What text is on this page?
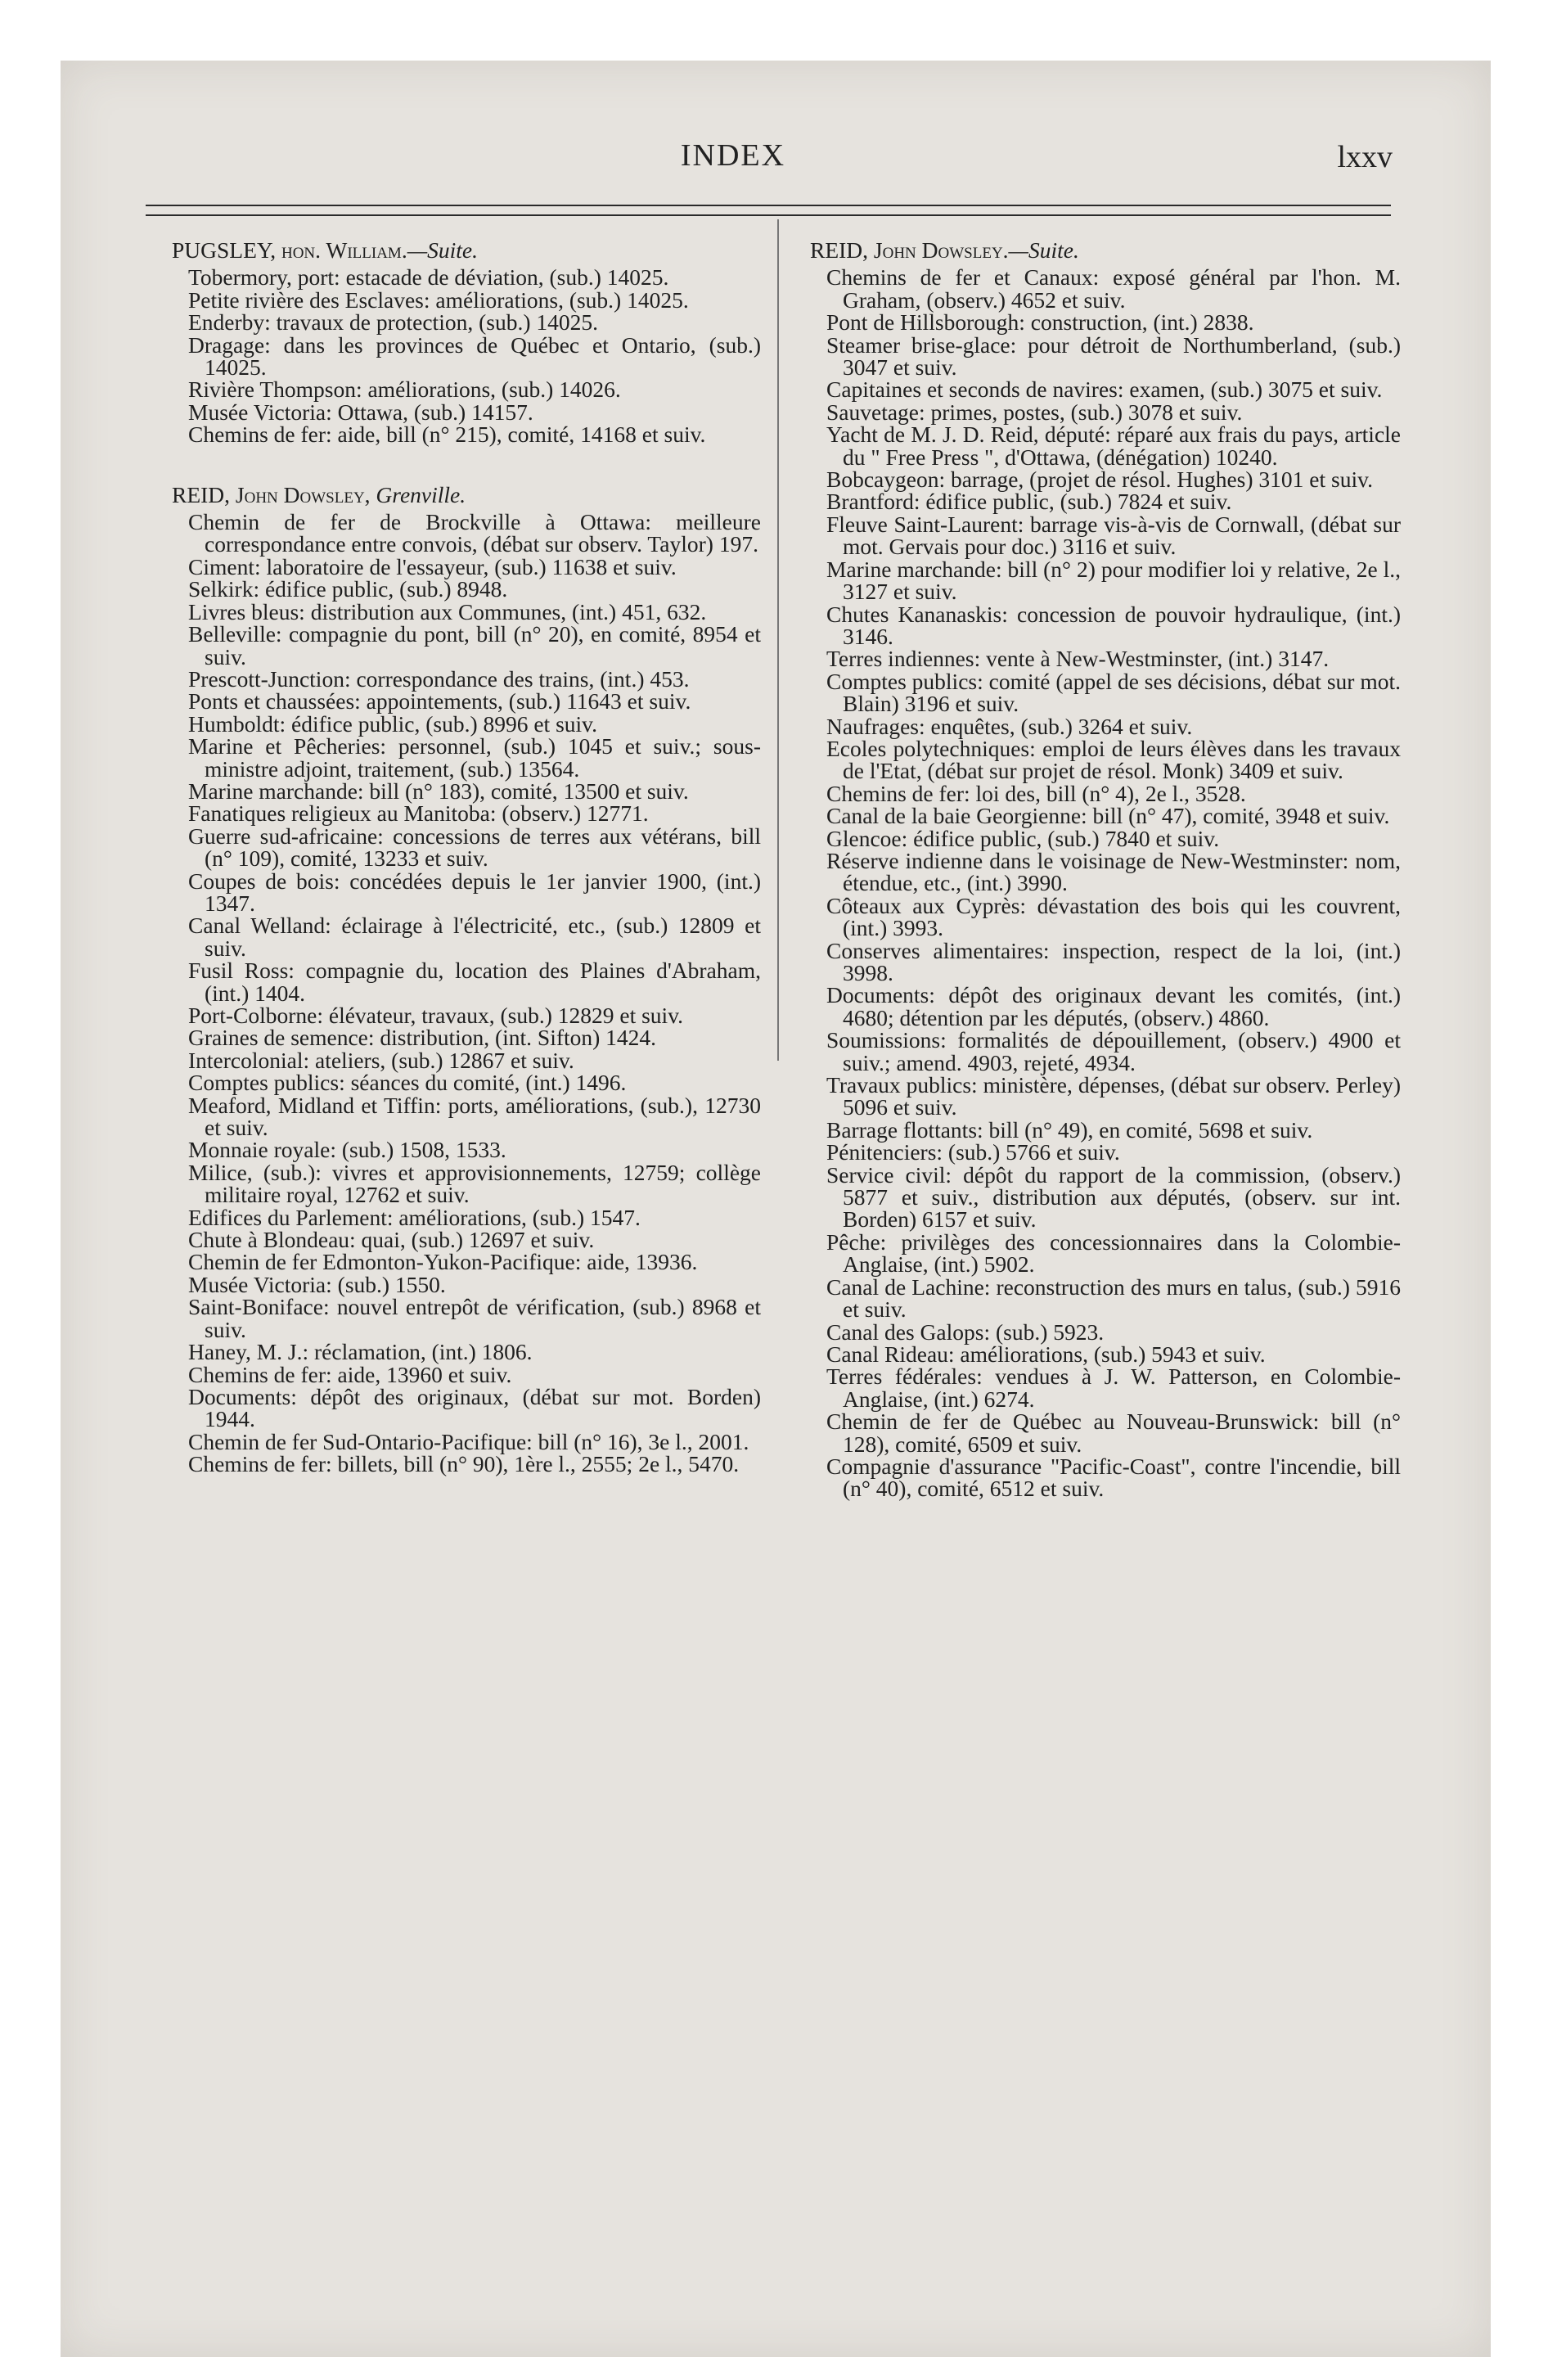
INDEX	lxxv
PUGSLEY, hon. William.—Suite.

Tobermory, port: estacade de déviation, (sub.) 14025.

Petite rivière des Esclaves: améliorations, (sub.) 14025.

Enderby: travaux de protection, (sub.) 14025.

Dragage: dans les provinces de Québec et Ontario, (sub.) 14025.

Rivière Thompson: améliorations, (sub.) 14026.

Musée Victoria: Ottawa, (sub.) 14157.

Chemins de fer: aide, bill (n° 215), comité, 14168 et suiv.

REID, John Dowsley, Grenville.

Chemin de fer de Brockville à Ottawa: meilleure correspondance entre convois, (débat sur observ. Taylor) 197.

Ciment: laboratoire de l'essayeur, (sub.) 11638 et suiv.

Selkirk: édifice public, (sub.) 8948.

Livres bleus: distribution aux Communes, (int.) 451, 632.

Belleville: compagnie du pont, bill (n° 20), en comité, 8954 et suiv.

Prescott-Junction: correspondance des trains, (int.) 453.

Ponts et chaussées: appointements, (sub.) 11643 et suiv.

Humboldt: édifice public, (sub.) 8996 et suiv.

Marine et Pêcheries: personnel, (sub.) 1045 et suiv.; sous-ministre adjoint, traitement, (sub.) 13564.

Marine marchande: bill (n° 183), comité, 13500 et suiv.

Fanatiques religieux au Manitoba: (observ.) 12771.

Guerre sud-africaine: concessions de terres aux vétérans, bill (n° 109), comité, 13233 et suiv.

Coupes de bois: concédées depuis le 1er janvier 1900, (int.) 1347.

Canal Welland: éclairage à l'électricité, etc., (sub.) 12809 et suiv.

Fusil Ross: compagnie du, location des Plaines d'Abraham, (int.) 1404.

Port-Colborne: élévateur, travaux, (sub.) 12829 et suiv.

Graines de semence: distribution, (int. Sifton) 1424.

Intercolonial: ateliers, (sub.) 12867 et suiv.

Comptes publics: séances du comité, (int.) 1496.

Meaford, Midland et Tiffin: ports, améliorations, (sub.), 12730 et suiv.

Monnaie royale: (sub.) 1508, 1533.

Milice, (sub.): vivres et approvisionnements, 12759; collège militaire royal, 12762 et suiv.

Edifices du Parlement: améliorations, (sub.) 1547.

Chute à Blondeau: quai, (sub.) 12697 et suiv.

Chemin de fer Edmonton-Yukon-Pacifique: aide, 13936.

Musée Victoria: (sub.) 1550.

Saint-Boniface: nouvel entrepôt de vérification, (sub.) 8968 et suiv.

Haney, M. J.: réclamation, (int.) 1806.

Chemins de fer: aide, 13960 et suiv.

Documents: dépôt des originaux, (débat sur mot. Borden) 1944.

Chemin de fer Sud-Ontario-Pacifique: bill (n° 16), 3e l., 2001.

Chemins de fer: billets, bill (n° 90), 1ère l., 2555; 2e l., 5470.

REID, John Dowsley.—Suite.

Chemins de fer et Canaux: exposé général par l'hon. M. Graham, (observ.) 4652 et suiv.

Pont de Hillsborough: construction, (int.) 2838.

Steamer brise-glace: pour détroit de Northumberland, (sub.) 3047 et suiv.

Capitaines et seconds de navires: examen, (sub.) 3075 et suiv.

Sauvetage: primes, postes, (sub.) 3078 et suiv.

Yacht de M. J. D. Reid, député: réparé aux frais du pays, article du " Free Press ", d'Ottawa, (dénégation) 10240.

Bobcaygeon: barrage, (projet de résol. Hughes) 3101 et suiv.

Brantford: édifice public, (sub.) 7824 et suiv.

Fleuve Saint-Laurent: barrage vis-à-vis de Cornwall, (débat sur mot. Gervais pour doc.) 3116 et suiv.

Marine marchande: bill (n° 2) pour modifier loi y relative, 2e l., 3127 et suiv.

Chutes Kananaskis: concession de pouvoir hydraulique, (int.) 3146.

Terres indiennes: vente à New-Westminster, (int.) 3147.

Comptes publics: comité (appel de ses décisions, débat sur mot. Blain) 3196 et suiv.

Naufrages: enquêtes, (sub.) 3264 et suiv.

Ecoles polytechniques: emploi de leurs élèves dans les travaux de l'Etat, (débat sur projet de résol. Monk) 3409 et suiv.

Chemins de fer: loi des, bill (n° 4), 2e l., 3528.

Canal de la baie Georgienne: bill (n° 47), comité, 3948 et suiv.

Glencoe: édifice public, (sub.) 7840 et suiv.

Réserve indienne dans le voisinage de New-Westminster: nom, étendue, etc., (int.) 3990.

Côteaux aux Cyprès: dévastation des bois qui les couvrent, (int.) 3993.

Conserves alimentaires: inspection, respect de la loi, (int.) 3998.

Documents: dépôt des originaux devant les comités, (int.) 4680; détention par les députés, (observ.) 4860.

Soumissions: formalités de dépouillement, (observ.) 4900 et suiv.; amend. 4903, rejeté, 4934.

Travaux publics: ministère, dépenses, (débat sur observ. Perley) 5096 et suiv.

Barrage flottants: bill (n° 49), en comité, 5698 et suiv.

Pénitenciers: (sub.) 5766 et suiv.

Service civil: dépôt du rapport de la commission, (observ.) 5877 et suiv., distribution aux députés, (observ. sur int. Borden) 6157 et suiv.

Pêche: privilèges des concessionnaires dans la Colombie-Anglaise, (int.) 5902.

Canal de Lachine: reconstruction des murs en talus, (sub.) 5916 et suiv.

Canal des Galops: (sub.) 5923.

Canal Rideau: améliorations, (sub.) 5943 et suiv.

Terres fédérales: vendues à J. W. Patterson, en Colombie-Anglaise, (int.) 6274.

Chemin de fer de Québec au Nouveau-Brunswick: bill (n° 128), comité, 6509 et suiv.

Compagnie d'assurance "Pacific-Coast", contre l'incendie, bill (n° 40), comité, 6512 et suiv.
